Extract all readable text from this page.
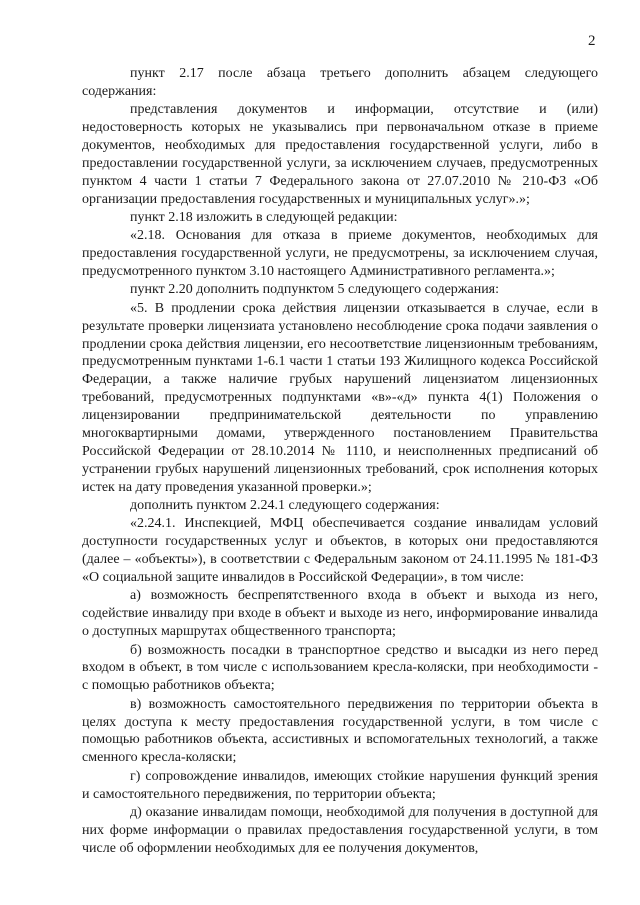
2

пункт 2.17 после абзаца третьего дополнить абзацем следующего содержания:

представления документов и информации, отсутствие и (или) недостоверность которых не указывались при первоначальном отказе в приеме документов, необходимых для предоставления государственной услуги, либо в предоставлении государственной услуги, за исключением случаев, предусмотренных пунктом 4 части 1 статьи 7 Федерального закона от 27.07.2010 № 210-ФЗ «Об организации предоставления государственных и муниципальных услуг».»;

пункт 2.18 изложить в следующей редакции:

«2.18. Основания для отказа в приеме документов, необходимых для предоставления государственной услуги, не предусмотрены, за исключением случая, предусмотренного пунктом 3.10 настоящего Административного регламента.»;

пункт 2.20 дополнить подпунктом 5 следующего содержания:

«5. В продлении срока действия лицензии отказывается в случае, если в результате проверки лицензиата установлено несоблюдение срока подачи заявления о продлении срока действия лицензии, его несоответствие лицензионным требованиям, предусмотренным пунктами 1-6.1 части 1 статьи 193 Жилищного кодекса Российской Федерации, а также наличие грубых нарушений лицензиатом лицензионных требований, предусмотренных подпунктами «в»-«д» пункта 4(1) Положения о лицензировании предпринимательской деятельности по управлению многоквартирными домами, утвержденного постановлением Правительства Российской Федерации от 28.10.2014 № 1110, и неисполненных предписаний об устранении грубых нарушений лицензионных требований, срок исполнения которых истек на дату проведения указанной проверки.»;

дополнить пунктом 2.24.1 следующего содержания:

«2.24.1. Инспекцией, МФЦ обеспечивается создание инвалидам условий доступности государственных услуг и объектов, в которых они предоставляются (далее – «объекты»), в соответствии с Федеральным законом от 24.11.1995 № 181-ФЗ «О социальной защите инвалидов в Российской Федерации», в том числе:

а) возможность беспрепятственного входа в объект и выхода из него, содействие инвалиду при входе в объект и выходе из него, информирование инвалида о доступных маршрутах общественного транспорта;

б) возможность посадки в транспортное средство и высадки из него перед входом в объект, в том числе с использованием кресла-коляски, при необходимости - с помощью работников объекта;

в) возможность самостоятельного передвижения по территории объекта в целях доступа к месту предоставления государственной услуги, в том числе с помощью работников объекта, ассистивных и вспомогательных технологий, а также сменного кресла-коляски;

г) сопровождение инвалидов, имеющих стойкие нарушения функций зрения и самостоятельного передвижения, по территории объекта;

д) оказание инвалидам помощи, необходимой для получения в доступной для них форме информации о правилах предоставления государственной услуги, в том числе об оформлении необходимых для ее получения документов,
